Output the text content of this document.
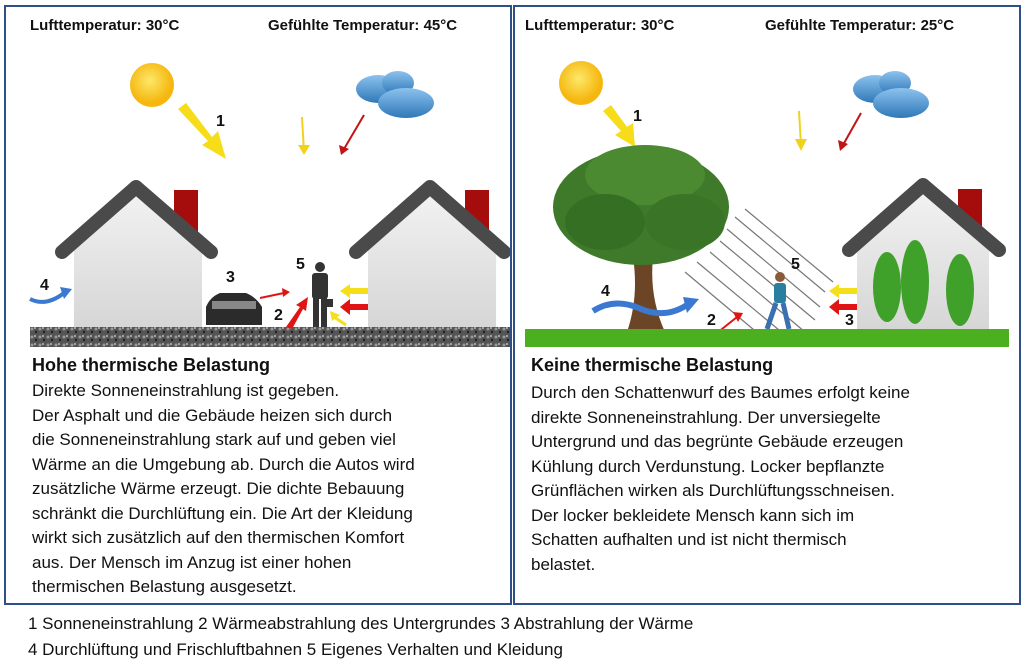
1
4	3
2
5
Lufttemperatur: 30°C	Gefühlte Temperatur: 45°C
Hohe thermische Belastung
Direkte Sonneneinstrahlung ist gegeben.
Der Asphalt und die Gebäude heizen sich durch
die Sonneneinstrahlung stark auf und geben viel
Wärme an die Umgebung ab. Durch die Autos wird
zusätzliche Wärme erzeugt. Die dichte Bebauung
schränkt die Durchlüftung ein. Die Art der Kleidung
wirkt sich zusätzlich auf den thermischen Komfort
aus. Der Mensch im Anzug ist einer hohen
thermischen Belastung ausgesetzt.
1
4
2
5
3
Lufttemperatur: 30°C	Gefühlte Temperatur: 25°C
Keine thermische Belastung
Durch den Schattenwurf des Baumes erfolgt keine
direkte Sonneneinstrahlung. Der unversiegelte
Untergrund und das begrünte Gebäude erzeugen
Kühlung durch Verdunstung. Locker bepflanzte
Grünflächen wirken als Durchlüftungsschneisen.
Der locker bekleidete Mensch kann sich im
Schatten aufhalten und ist nicht thermisch
belastet.
1 Sonneneinstrahlung 2 Wärmeabstrahlung des Untergrundes 3 Abstrahlung der Wärme
4 Durchlüftung und Frischluftbahnen 5 Eigenes Verhalten und Kleidung
